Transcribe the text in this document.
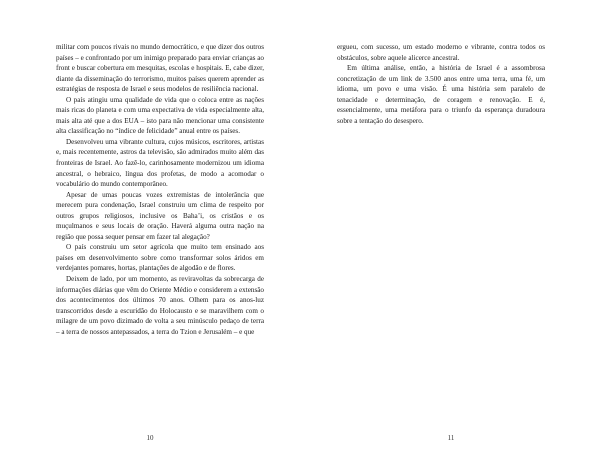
militar com poucos rivais no mundo democrático, e que dizer dos outros países – e confrontado por um inimigo preparado para enviar crianças ao front e buscar cobertura em mesquitas, escolas e hospitais. E, cabe dizer, diante da disseminação do terrorismo, muitos países querem aprender as estratégias de resposta de Israel e seus modelos de resiliência nacional.

O país atingiu uma qualidade de vida que o coloca entre as nações mais ricas do planeta e com uma expectativa de vida especialmente alta, mais alta até que a dos EUA – isto para não mencionar uma consistente alta classificação no “índice de felicidade” anual entre os países.

Desenvolveu uma vibrante cultura, cujos músicos, escritores, artistas e, mais recentemente, astros da televisão, são admirados muito além das fronteiras de Israel. Ao fazê-lo, carinhosamente modernizou um idioma ancestral, o hebraico, língua dos profetas, de modo a acomodar o vocabulário do mundo contemporâneo.

Apesar de umas poucas vozes extremistas de intolerância que merecem pura condenação, Israel construiu um clima de respeito por outros grupos religiosos, inclusive os Baha’i, os cristãos e os muçulmanos e seus locais de oração. Haverá alguma outra nação na região que possa sequer pensar em fazer tal alegação?

O país construiu um setor agrícola que muito tem ensinado aos países em desenvolvimento sobre como transformar solos áridos em verdejantes pomares, hortas, plantações de algodão e de flores.

Deixem de lado, por um momento, as reviravoltas da sobrecarga de informações diárias que vêm do Oriente Médio e considerem a extensão dos acontecimentos dos últimos 70 anos. Olhem para os anos-luz transcorridos desde a escuridão do Holocausto e se maravilhem com o milagre de um povo dizimado de volta a seu minúsculo pedaço de terra – a terra de nossos antepassados, a terra do Tzion e Jerusalém – e que

10

ergueu, com sucesso, um estado moderno e vibrante, contra todos os obstáculos, sobre aquele alicerce ancestral.

Em última análise, então, a história de Israel é a assombrosa concretização de um link de 3.500 anos entre uma terra, uma fé, um idioma, um povo e uma visão. É uma história sem paralelo de tenacidade e determinação, de coragem e renovação. E é, essencialmente, uma metáfora para o triunfo da esperança duradoura sobre a tentação do desespero.

11
